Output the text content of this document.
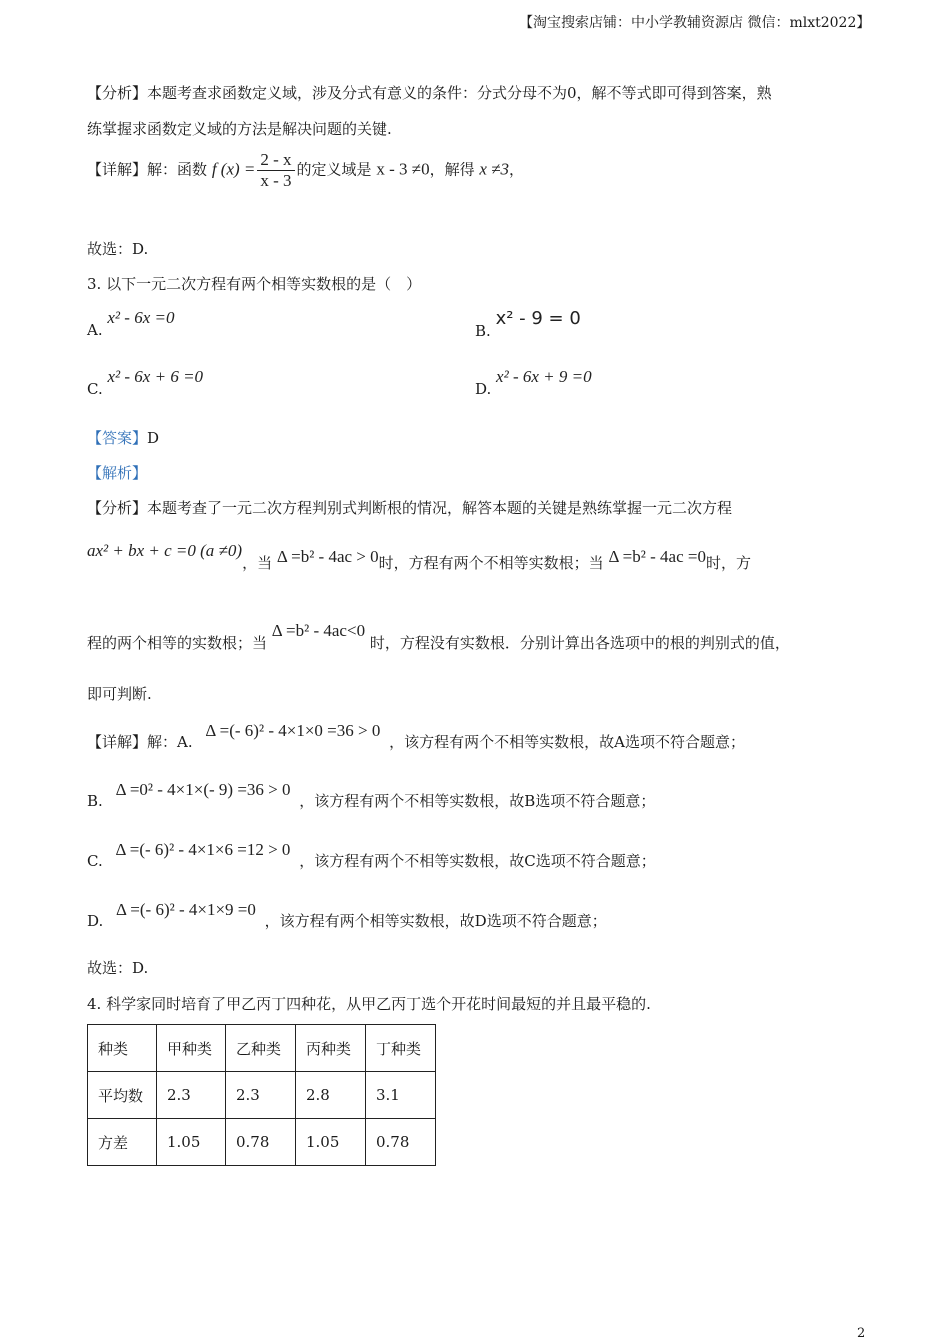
【淘宝搜索店铺：中小学教辅资源店 微信：mlxt2022】
【分析】本题考查求函数定义域，涉及分式有意义的条件：分式分母不为0，解不等式即可得到答案，熟
练掌握求函数定义域的方法是解决问题的关键.
【详解】解：函数 f $(x) = \frac{2 - x}{x - 3}$ 的定义域是 x - 3 ≠0，解得 x ≠3，
故选：D.
3. 以下一元二次方程有两个相等实数根的是（　）
A. x² - 6x =0
B. x² - 9 = 0
C. x² - 6x + 6 =0
D. x² - 6x + 9 =0
【答案】D
【解析】
【分析】本题考查了一元二次方程判别式判断根的情况，解答本题的关键是熟练掌握一元二次方程
ax² + bx + c =0 (a ≠0)，当 Δ =b² - 4ac > 0时，方程有两个不相等实数根；当 Δ =b² - 4ac =0时，方
程的两个相等的实数根；当 Δ =b² - 4ac<0 时，方程没有实数根．分别计算出各选项中的根的判别式的值，
即可判断.
【详解】解：A. Δ =(- 6)² - 4×1×0 =36 > 0 ，该方程有两个不相等实数根，故A选项不符合题意；
B. Δ =0² - 4×1×(- 9) =36 > 0 ，该方程有两个不相等实数根，故B选项不符合题意；
C. Δ =(- 6)² - 4×1×6 =12 > 0 ，该方程有两个不相等实数根，故C选项不符合题意；
D. Δ =(- 6)² - 4×1×9 =0 ，该方程有两个相等实数根，故D选项不符合题意；
故选：D.
4. 科学家同时培育了甲乙丙丁四种花，从甲乙丙丁选个开花时间最短的并且最平稳的.
种类	甲种类	乙种类	丙种类	丁种类
平均数	2.3	2.3	2.8	3.1
方差	1.05	0.78	1.05	0.78
2
